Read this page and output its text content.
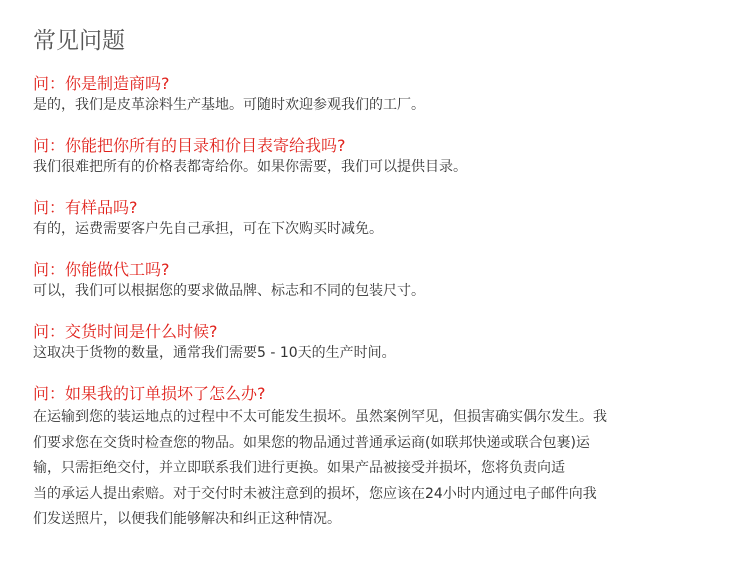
常见问题
问： 你是制造商吗?
是的，我们是皮革涂料生产基地。可随时欢迎参观我们的工厂。
问： 你能把你所有的目录和价目表寄给我吗?
我们很难把所有的价格表都寄给你。如果你需要，我们可以提供目录。
问： 有样品吗?
有的，运费需要客户先自己承担，可在下次购买时减免。
问： 你能做代工吗?
可以，我们可以根据您的要求做品牌、标志和不同的包装尺寸。
问： 交货时间是什么时候?
这取决于货物的数量，通常我们需要5 - 10天的生产时间。
问： 如果我的订单损坏了怎么办?
在运输到您的装运地点的过程中不太可能发生损坏。虽然案例罕见，但损害确实偶尔发生。我
们要求您在交货时检查您的物品。如果您的物品通过普通承运商(如联邦快递或联合包裹)运
输，只需拒绝交付，并立即联系我们进行更换。如果产品被接受并损坏，您将负责向适
当的承运人提出索赔。对于交付时未被注意到的损坏，您应该在24小时内通过电子邮件向我
们发送照片，以便我们能够解决和纠正这种情况。
